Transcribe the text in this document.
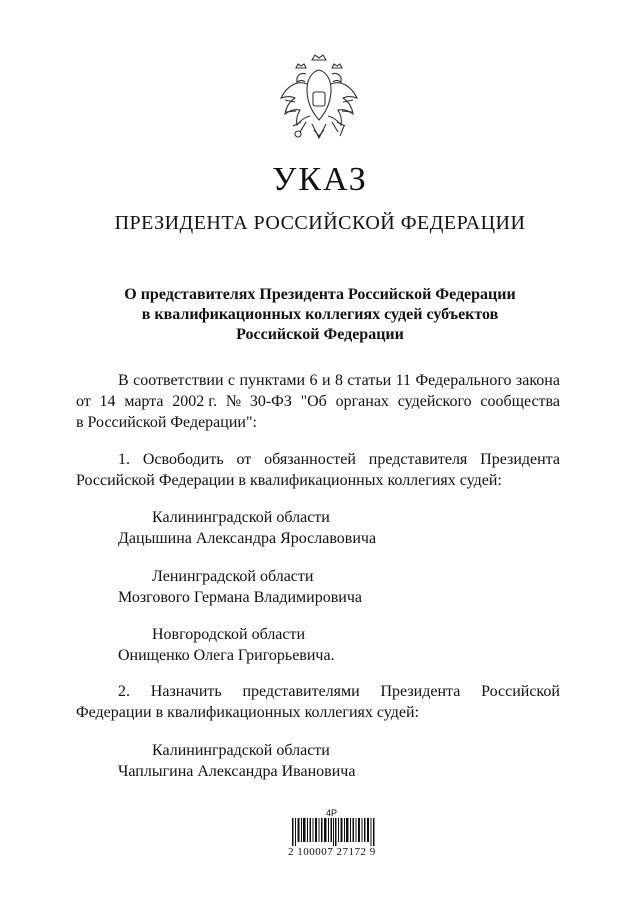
УКАЗ
ПРЕЗИДЕНТА РОССИЙСКОЙ ФЕДЕРАЦИИ
О представителях Президента Российской Федерации
в квалификационных коллегиях судей субъектов
Российской Федерации
В соответствии с пунктами 6 и 8 статьи 11 Федерального закона
от 14 марта 2002 г. № 30-ФЗ "Об органах судейского сообщества
в Российской Федерации":
1. Освободить от обязанностей представителя Президента
Российской Федерации в квалификационных коллегиях судей:
Калининградской области
Дацышина Александра Ярославовича
Ленинградской области
Мозгового Германа Владимировича
Новгородской области
Онищенко Олега Григорьевича.
2. Назначить представителями Президента Российской
Федерации в квалификационных коллегиях судей:
Калининградской области
Чаплыгина Александра Ивановича
4P
2 100007 27172 9
